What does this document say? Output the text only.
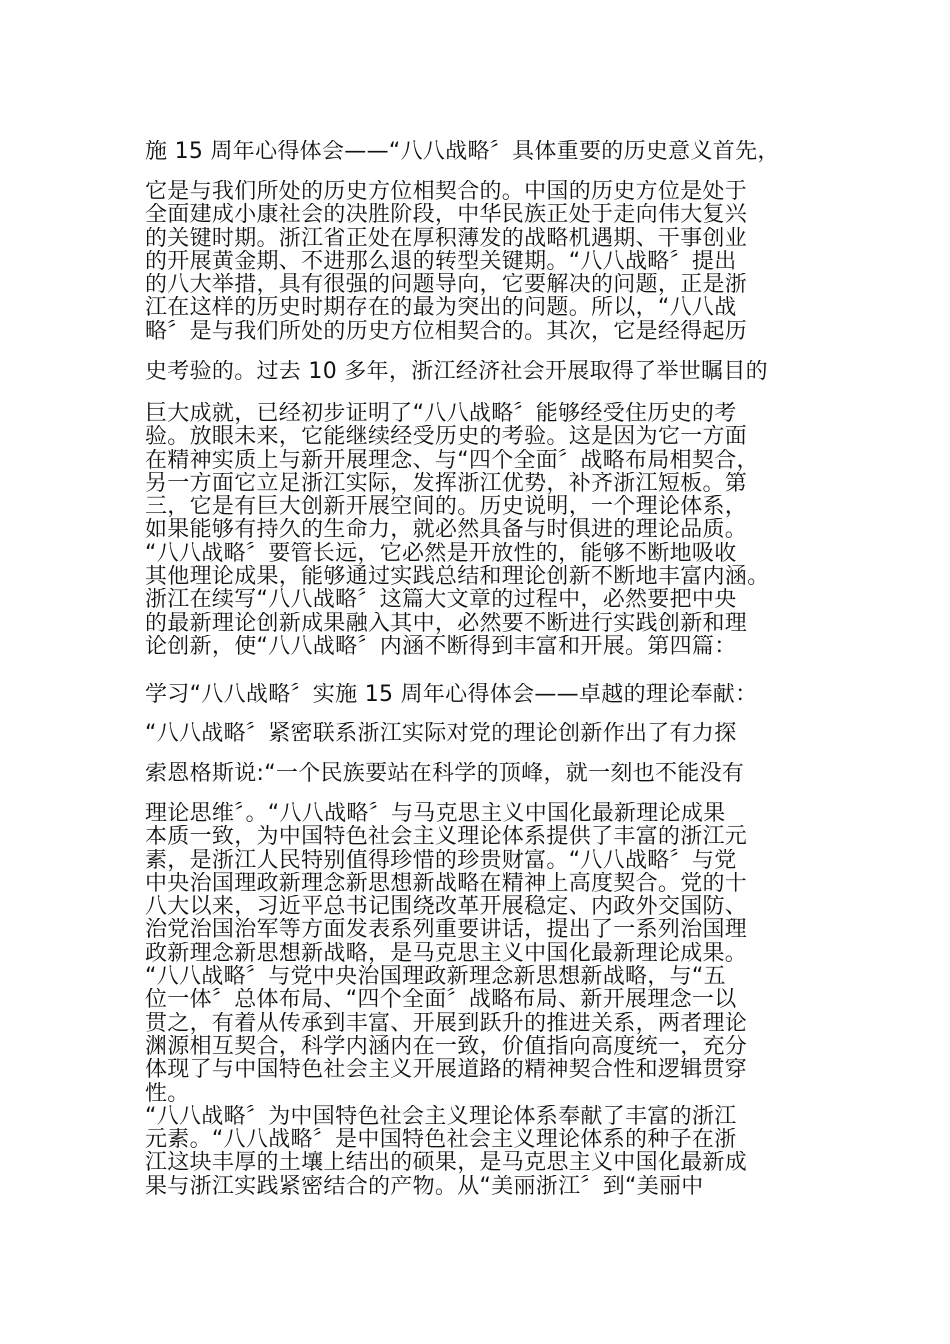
施 15 周年心得体会——“八八战略〞具体重要的历史意义首先，
它是与我们所处的历史方位相契合的。中国的历史方位是处于
全面建成小康社会的决胜阶段，中华民族正处于走向伟大复兴
的关键时期。浙江省正处在厚积薄发的战略机遇期、干事创业
的开展黄金期、不进那么退的转型关键期。“八八战略〞提出
的八大举措，具有很强的问题导向，它要解决的问题，正是浙
江在这样的历史时期存在的最为突出的问题。所以，“八八战
略〞是与我们所处的历史方位相契合的。其次，它是经得起历
史考验的。过去 10 多年，浙江经济社会开展取得了举世瞩目的
巨大成就，已经初步证明了“八八战略〞能够经受住历史的考
验。放眼未来，它能继续经受历史的考验。这是因为它一方面
在精神实质上与新开展理念、与“四个全面〞战略布局相契合，
另一方面它立足浙江实际，发挥浙江优势，补齐浙江短板。第
三，它是有巨大创新开展空间的。历史说明，一个理论体系，
如果能够有持久的生命力，就必然具备与时俱进的理论品质。
“八八战略〞要管长远，它必然是开放性的，能够不断地吸收
其他理论成果，能够通过实践总结和理论创新不断地丰富内涵。
浙江在续写“八八战略〞这篇大文章的过程中，必然要把中央
的最新理论创新成果融入其中，必然要不断进行实践创新和理
论创新，使“八八战略〞内涵不断得到丰富和开展。第四篇：
学习“八八战略〞实施 15 周年心得体会——卓越的理论奉献：
“八八战略〞紧密联系浙江实际对党的理论创新作出了有力探
索恩格斯说:“一个民族要站在科学的顶峰，就一刻也不能没有
理论思维〞。“八八战略〞与马克思主义中国化最新理论成果
本质一致，为中国特色社会主义理论体系提供了丰富的浙江元
素，是浙江人民特别值得珍惜的珍贵财富。“八八战略〞与党
中央治国理政新理念新思想新战略在精神上高度契合。党的十
八大以来，习近平总书记围绕改革开展稳定、内政外交国防、
治党治国治军等方面发表系列重要讲话，提出了一系列治国理
政新理念新思想新战略，是马克思主义中国化最新理论成果。
“八八战略〞与党中央治国理政新理念新思想新战略，与“五
位一体〞总体布局、“四个全面〞战略布局、新开展理念一以
贯之，有着从传承到丰富、开展到跃升的推进关系，两者理论
渊源相互契合，科学内涵内在一致，价值指向高度统一，充分
体现了与中国特色社会主义开展道路的精神契合性和逻辑贯穿
性。
“八八战略〞为中国特色社会主义理论体系奉献了丰富的浙江
元素。“八八战略〞是中国特色社会主义理论体系的种子在浙
江这块丰厚的土壤上结出的硕果，是马克思主义中国化最新成
果与浙江实践紧密结合的产物。从“美丽浙江〞到“美丽中
